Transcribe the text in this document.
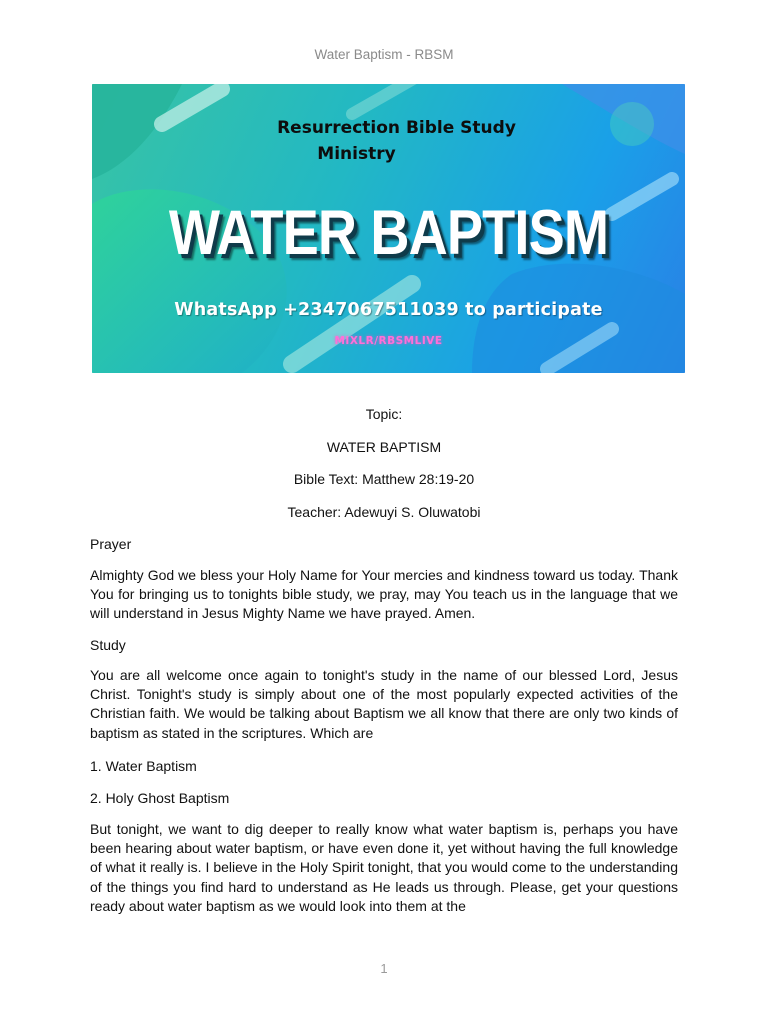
Water Baptism - RBSM
Resurrection Bible Study
Ministry
WATER BAPTISM
WhatsApp +2347067511039 to participate
MIXLR/RBSMLIVE
Topic:
WATER BAPTISM
Bible Text: Matthew 28:19-20
Teacher: Adewuyi S. Oluwatobi
Prayer
Almighty God we bless your Holy Name for Your mercies and kindness toward us today. Thank You for bringing us to tonights bible study, we pray, may You teach us in the language that we will understand in Jesus Mighty Name we have prayed. Amen.
Study
You are all welcome once again to tonight's study in the name of our blessed Lord, Jesus Christ. Tonight's study is simply about one of the most popularly expected activities of the Christian faith. We would be talking about Baptism we all know that there are only two kinds of baptism as stated in the scriptures. Which are
1. Water Baptism
2. Holy Ghost Baptism
But tonight, we want to dig deeper to really know what water baptism is, perhaps you have been hearing about water baptism, or have even done it, yet without having the full knowledge of what it really is. I believe in the Holy Spirit tonight, that you would come to the understanding of the things you find hard to understand as He leads us through. Please, get your questions ready about water baptism as we would look into them at the
1
